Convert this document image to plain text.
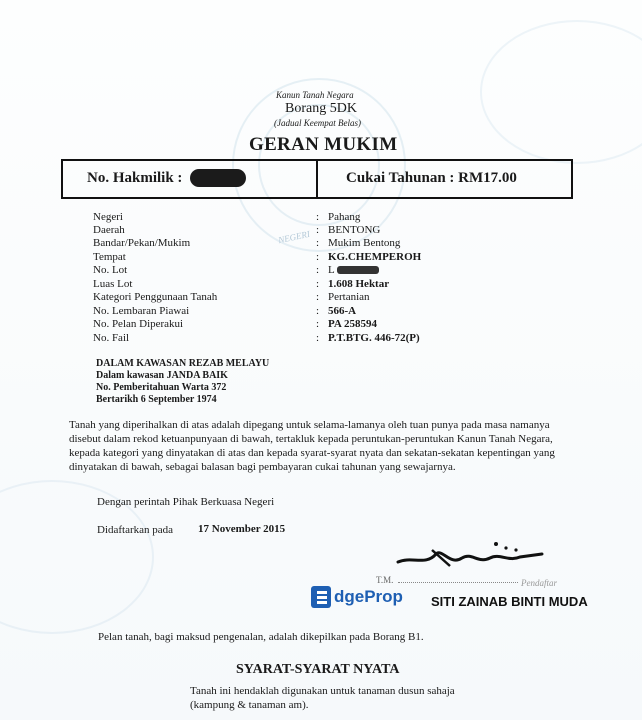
NEGERI
Kanun Tanah Negara
Borang 5DK
(Jadual Keempat Belas)
GERAN MUKIM
No. Hakmilik :	Cukai Tahunan : RM17.00
Negeri
Daerah
Bandar/Pekan/Mukim
Tempat
No. Lot
Luas Lot
Kategori Penggunaan Tanah
No. Lembaran Piawai
No. Pelan Diperakui
No. Fail
:
:
:
:
:
:
:
:
:
:
Pahang
BENTONG
Mukim Bentong
KG.CHEMPEROH
L
1.608 Hektar
Pertanian
566-A
PA 258594
P.T.BTG. 446-72(P)
DALAM KAWASAN REZAB MELAYU
Dalam kawasan JANDA BAIK
No. Pemberitahuan Warta 372
Bertarikh 6 September 1974
Tanah yang diperihalkan di atas adalah dipegang untuk selama-lamanya oleh tuan punya pada masa namanya
disebut dalam rekod ketuanpunyaan di bawah, tertakluk kepada peruntukan-peruntukan Kanun Tanah Negara,
kepada kategori yang dinyatakan di atas dan kepada syarat-syarat nyata dan sekatan-sekatan kepentingan yang
dinyatakan di bawah, sebagai balasan bagi pembayaran cukai tahunan yang sewajarnya.
Dengan perintah Pihak Berkuasa Negeri
Didaftarkan pada 17 November 2015
T.M.	Pendaftar
dgeProp SITI ZAINAB BINTI MUDA
Pelan tanah, bagi maksud pengenalan, adalah dikepilkan pada Borang B1.
SYARAT-SYARAT NYATA
Tanah ini hendaklah digunakan untuk tanaman dusun sahaja
(kampung & tanaman am).
